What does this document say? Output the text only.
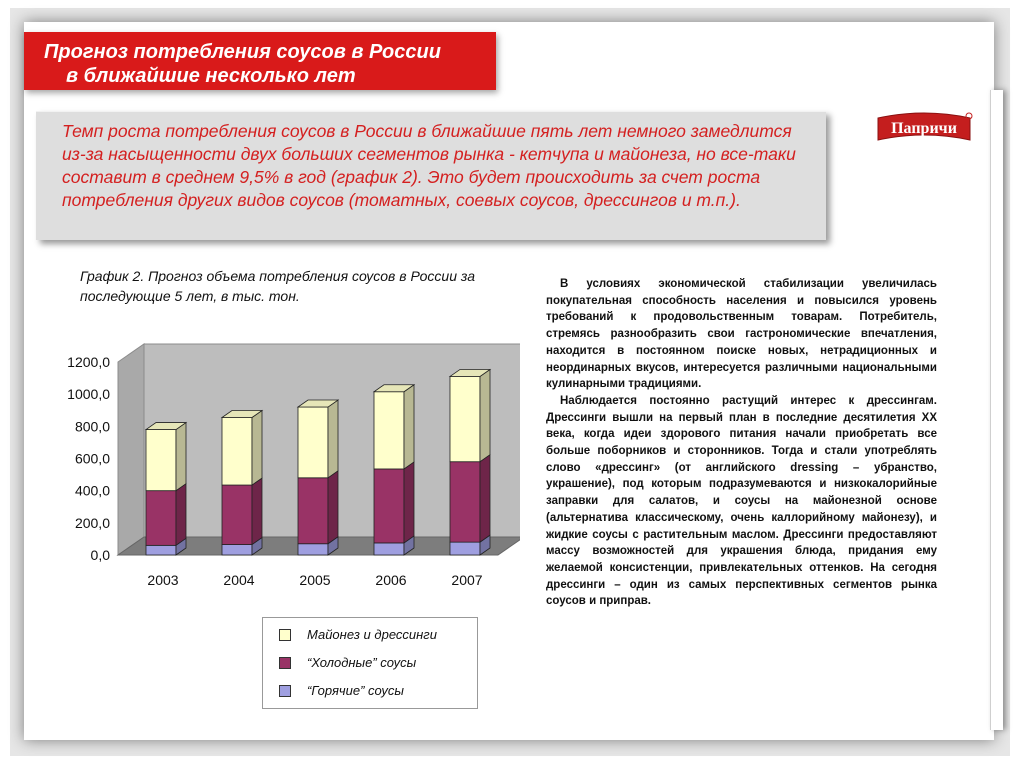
Прогноз потребления соусов в России
в ближайшие несколько лет
Темп роста потребления соусов в России в ближайшие пять лет немного замедлится из-за насыщенности двух больших сегментов рынка - кетчупа и майонеза, но все-таки составит в среднем 9,5% в год (график 2). Это будет происходить за счет роста потребления других видов соусов (томатных, соевых соусов, дрессингов и т.п.).
Папричи
График 2. Прогноз объема потребления соусов в России за последующие 5 лет, в тыс. тон.
0,0
200,0
400,0
600,0
800,0
1000,0
1200,0
2003	2004	2005	2006	2007
Майонез и дрессинги
“Холодные” соусы
“Горячие” соусы

В условиях экономической стабилизации увеличилась покупательная способность населения и повысился уровень требований к продовольственным товарам. Потребитель, стремясь разнообразить свои гастрономические впечатления, находится в постоянном поиске новых, нетрадиционных и неординарных вкусов, интересуется различными национальными кулинарными традициями.

Наблюдается постоянно растущий интерес к дрессингам. Дрессинги вышли на первый план в последние десятилетия XX века, когда идеи здорового питания начали приобретать все больше поборников и сторонников. Тогда и стали употреблять слово «дрессинг» (от английского dressing – убранство, украшение), под которым подразумеваются и низкокалорийные заправки для салатов, и соусы на майонезной основе (альтернатива классическому, очень каллорийному майонезу), и жидкие соусы с растительным маслом. Дрессинги предоставляют массу возможностей для украшения блюда, придания ему желаемой консистенции, привлекательных оттенков. На сегодня дрессинги – один из самых перспективных сегментов рынка соусов и приправ.
